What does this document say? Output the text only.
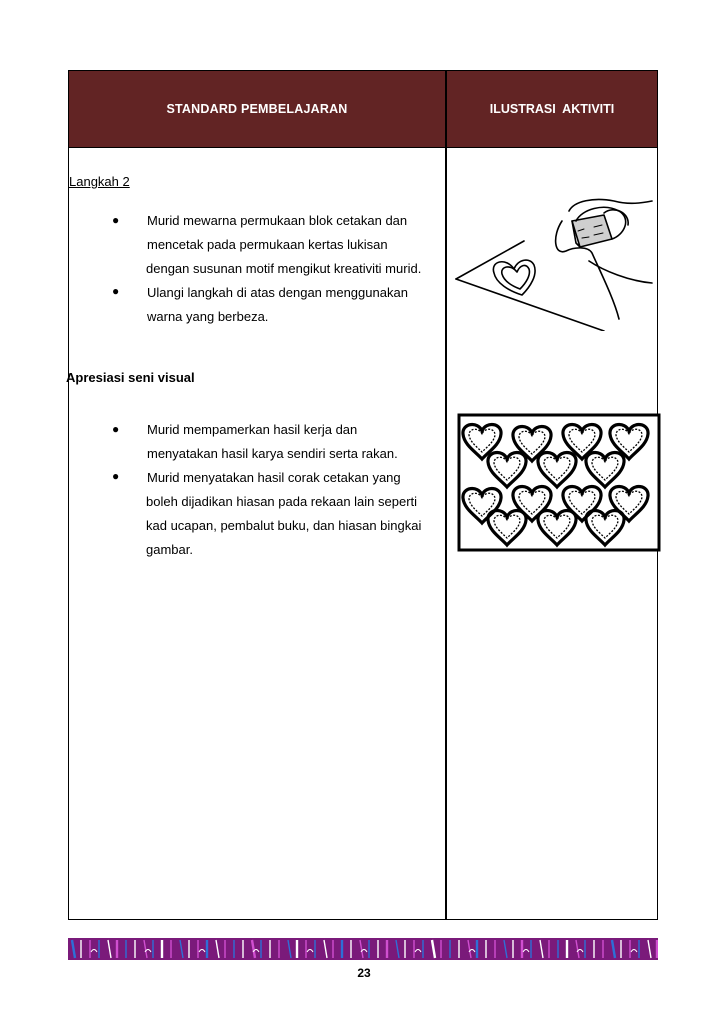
STANDARD PEMBELAJARAN	ILUSTRASI  AKTIVITI
Langkah 2
● Murid mewarna permukaan blok cetakan dan
mencetak pada permukaan kertas lukisan
dengan susunan motif mengikut kreativiti murid.
● Ulangi langkah di atas dengan menggunakan
warna yang berbeza.
Apresiasi seni visual
● Murid mempamerkan hasil kerja dan
menyatakan hasil karya sendiri serta rakan.
● Murid menyatakan hasil corak cetakan yang
boleh dijadikan hiasan pada rekaan lain seperti
kad ucapan, pembalut buku, dan hiasan bingkai
gambar.
23
